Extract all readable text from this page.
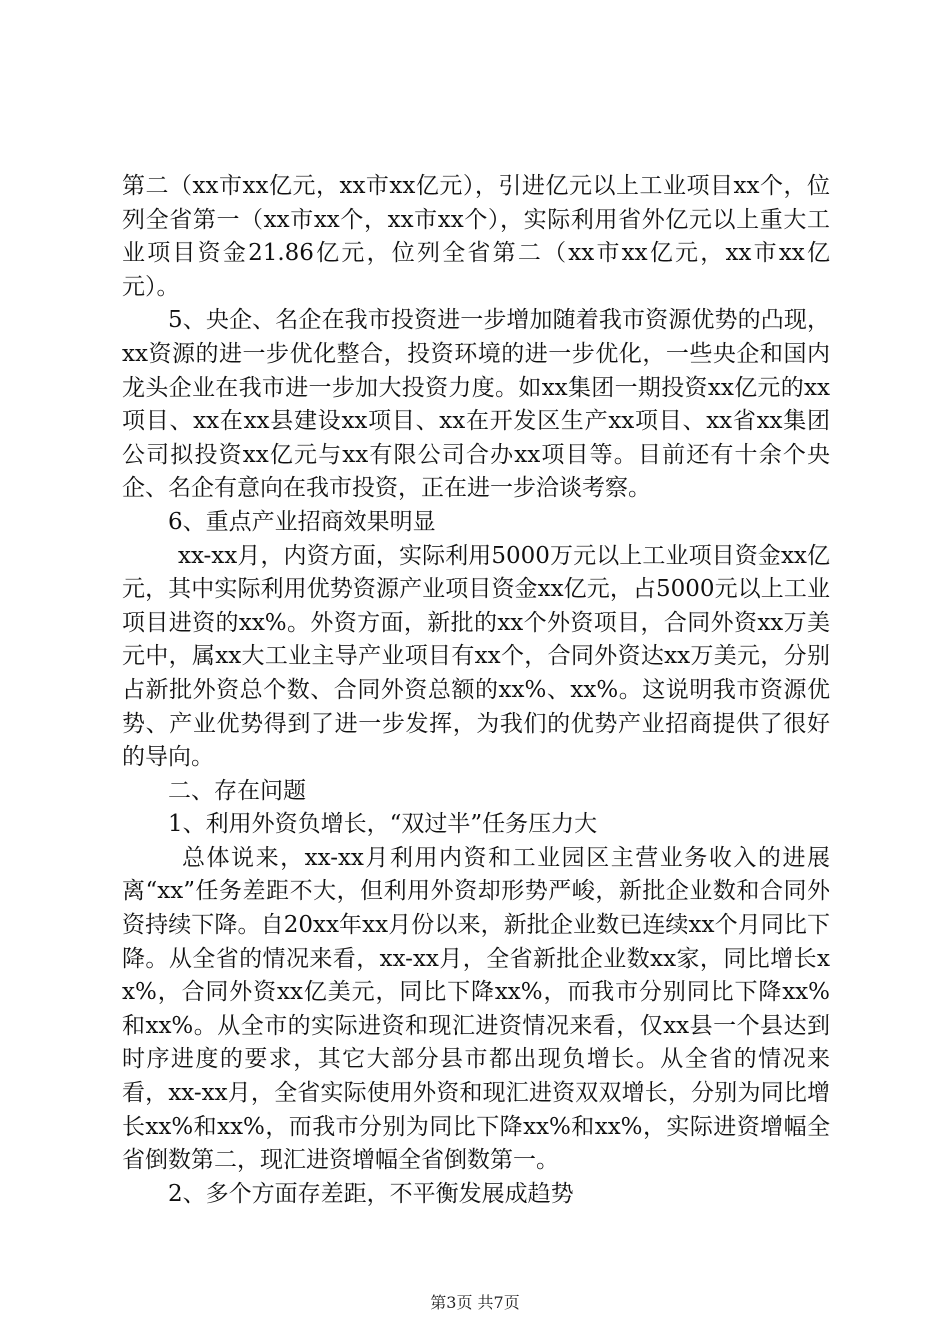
第二（xx市xx亿元，xx市xx亿元），引进亿元以上工业项目xx个，位列全省第一（xx市xx个，xx市xx个），实际利用省外亿元以上重大工业项目资金21.86亿元，位列全省第二（xx市xx亿元，xx市xx亿元）。

5、央企、名企在我市投资进一步增加随着我市资源优势的凸现，xx资源的进一步优化整合，投资环境的进一步优化，一些央企和国内龙头企业在我市进一步加大投资力度。如xx集团一期投资xx亿元的xx项目、xx在xx县建设xx项目、xx在开发区生产xx项目、xx省xx集团公司拟投资xx亿元与xx有限公司合办xx项目等。目前还有十余个央企、名企有意向在我市投资，正在进一步洽谈考察。

6、重点产业招商效果明显

xx-xx月，内资方面，实际利用5000万元以上工业项目资金xx亿元，其中实际利用优势资源产业项目资金xx亿元，占5000元以上工业项目进资的xx%。外资方面，新批的xx个外资项目，合同外资xx万美元中，属xx大工业主导产业项目有xx个，合同外资达xx万美元，分别占新批外资总个数、合同外资总额的xx%、xx%。这说明我市资源优势、产业优势得到了进一步发挥，为我们的优势产业招商提供了很好的导向。

二、存在问题

1、利用外资负增长，“双过半”任务压力大

总体说来，xx-xx月利用内资和工业园区主营业务收入的进展离“xx”任务差距不大，但利用外资却形势严峻，新批企业数和合同外资持续下降。自20xx年xx月份以来，新批企业数已连续xx个月同比下降。从全省的情况来看，xx-xx月，全省新批企业数xx家，同比增长xx%，合同外资xx亿美元，同比下降xx%，而我市分别同比下降xx%和xx%。从全市的实际进资和现汇进资情况来看，仅xx县一个县达到时序进度的要求，其它大部分县市都出现负增长。从全省的情况来看，xx-xx月，全省实际使用外资和现汇进资双双增长，分别为同比增长xx%和xx%，而我市分别为同比下降xx%和xx%，实际进资增幅全省倒数第二，现汇进资增幅全省倒数第一。

2、多个方面存差距，不平衡发展成趋势

第3页 共7页
